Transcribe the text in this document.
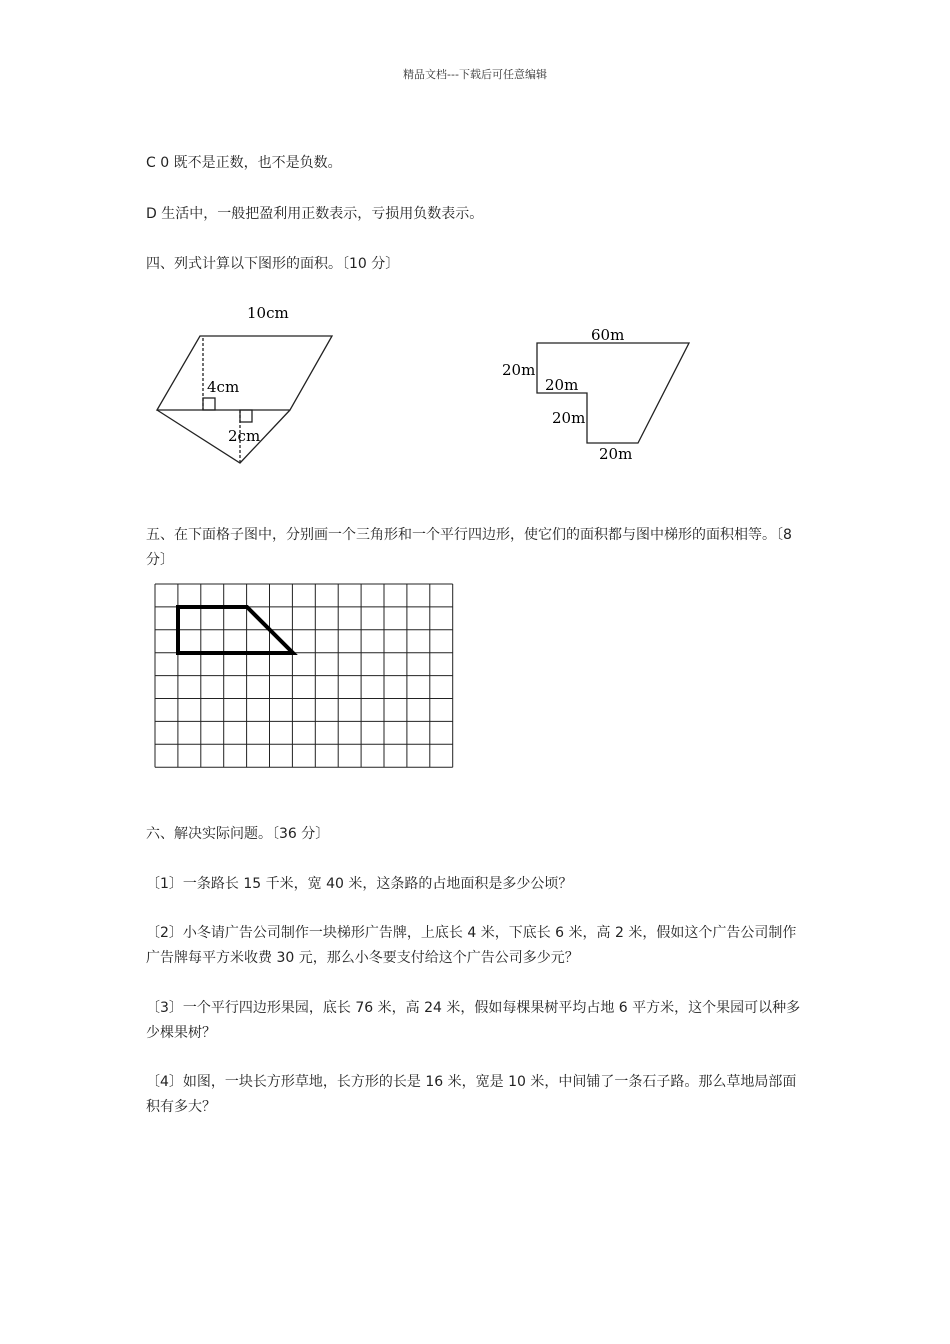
精品文档---下载后可任意编辑
C 0 既不是正数，也不是负数。
D 生活中，一般把盈利用正数表示，亏损用负数表示。
四、列式计算以下图形的面积。〔10 分〕
10cm
4cm
2cm
60m
20m
20m
20m
20m
五、在下面格子图中，分别画一个三角形和一个平行四边形，使它们的面积都与图中梯形的面积相等。〔8 分〕
六、解决实际问题。〔36 分〕
〔1〕一条路长 15 千米，宽 40 米，这条路的占地面积是多少公顷？
〔2〕小冬请广告公司制作一块梯形广告牌，上底长 4 米，下底长 6 米，高 2 米，假如这个广告公司制作广告牌每平方米收费 30 元，那么小冬要支付给这个广告公司多少元？
〔3〕一个平行四边形果园，底长 76 米，高 24 米，假如每棵果树平均占地 6 平方米，这个果园可以种多少棵果树？
〔4〕如图，一块长方形草地，长方形的长是 16 米，宽是 10 米，中间铺了一条石子路。那么草地局部面积有多大？
